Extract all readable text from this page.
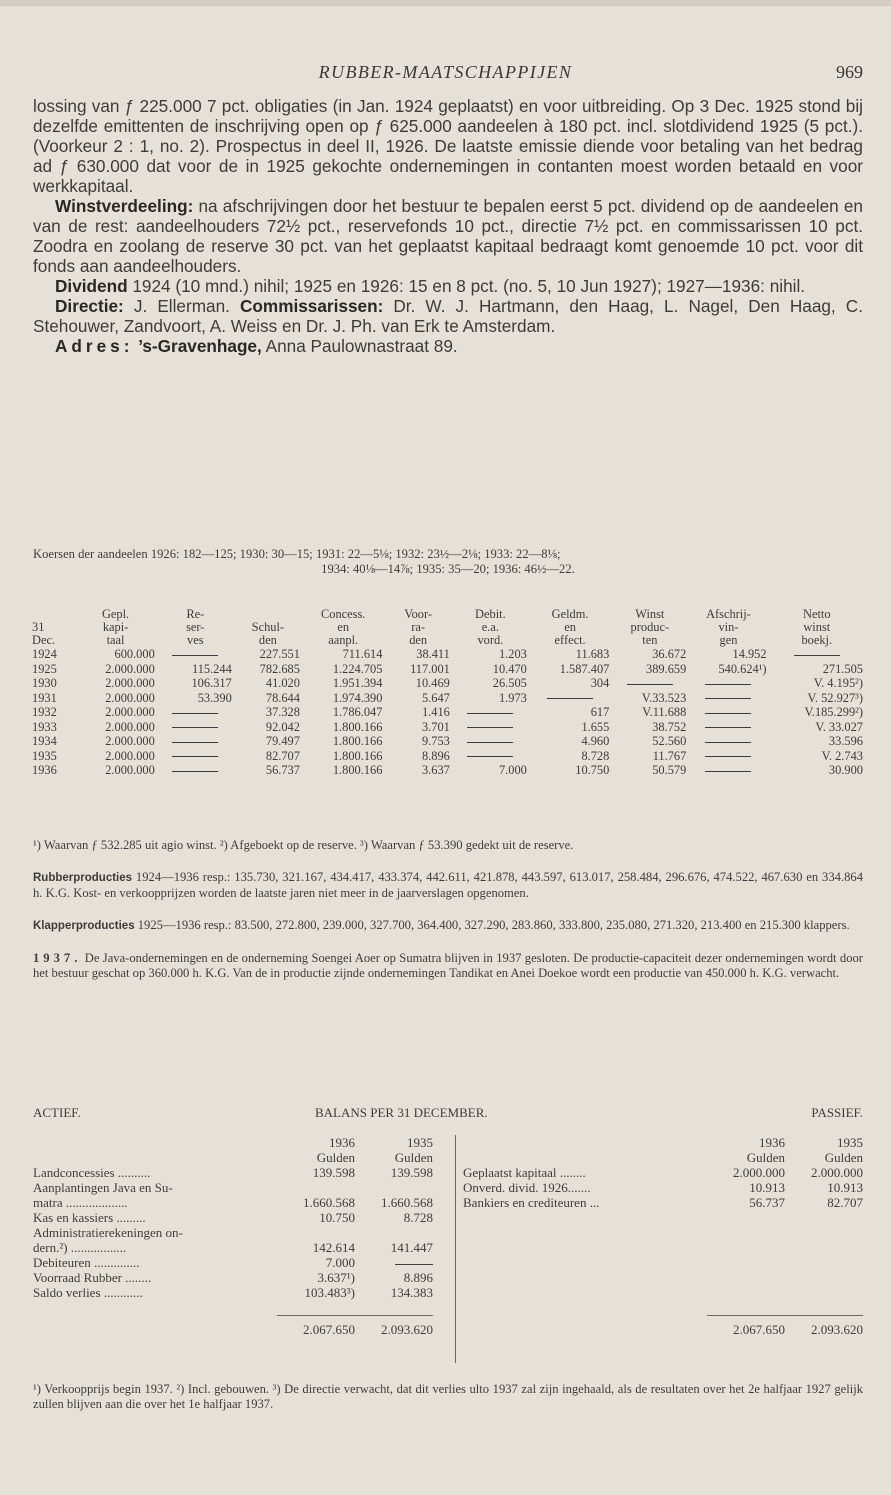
RUBBER-MAATSCHAPPIJEN	969

lossing van ƒ 225.000 7 pct. obligaties (in Jan. 1924 geplaatst) en voor uitbreiding. Op 3 Dec. 1925 stond bij dezelfde emittenten de inschrijving open op ƒ 625.000 aandeelen à 180 pct. incl. slotdividend 1925 (5 pct.). (Voorkeur 2 : 1, no. 2). Prospectus in deel II, 1926. De laatste emissie diende voor betaling van het bedrag ad ƒ 630.000 dat voor de in 1925 gekochte ondernemingen in contanten moest worden betaald en voor werkkapitaal.

Winstverdeeling: na afschrijvingen door het bestuur te bepalen eerst 5 pct. dividend op de aandeelen en van de rest: aandeelhouders 72½ pct., reservefonds 10 pct., directie 7½ pct. en commissarissen 10 pct. Zoodra en zoolang de reserve 30 pct. van het geplaatst kapitaal bedraagt komt genoemde 10 pct. voor dit fonds aan aandeelhouders.

Dividend 1924 (10 mnd.) nihil; 1925 en 1926: 15 en 8 pct. (no. 5, 10 Jun 1927); 1927—1936: nihil.

Directie: J. Ellerman. Commissarissen: Dr. W. J. Hartmann, den Haag, L. Nagel, Den Haag, C. Stehouwer, Zandvoort, A. Weiss en Dr. J. Ph. van Erk te Amsterdam.

Adres: ’s-Gravenhage, Anna Paulownastraat 89.

Koersen der aandeelen 1926: 182—125; 1930: 30—15; 1931: 22—5⅛; 1932: 23½—2⅛; 1933: 22—8⅛;

1934: 40⅛—14⅞; 1935: 35—20; 1936: 46½—22.

	Gepl.	Re-		Concess.	Voor-	Debit.	Geldm.	Winst	Afschrij-	Netto
31	kapi-	ser-	Schul-	en	ra-	e.a.	en	produc-	vin-	winst
Dec.	taal	ves	den	aanpl.	den	vord.	effect.	ten	gen	boekj.
1924	600.000		227.551	711.614	38.411	1.203	11.683	36.672	14.952	
1925	2.000.000	115.244	782.685	1.224.705	117.001	10.470	1.587.407	389.659	540.624¹)	271.505
1930	2.000.000	106.317	41.020	1.951.394	10.469	26.505	304			V. 4.195²)
1931	2.000.000	53.390	78.644	1.974.390	5.647	1.973		V.33.523		V. 52.927³)
1932	2.000.000		37.328	1.786.047	1.416		617	V.11.688		V.185.299²)
1933	2.000.000		92.042	1.800.166	3.701		1.655	38.752		V. 33.027
1934	2.000.000		79.497	1.800.166	9.753		4.960	52.560		33.596
1935	2.000.000		82.707	1.800.166	8.896		8.728	11.767		V. 2.743
1936	2.000.000		56.737	1.800.166	3.637	7.000	10.750	50.579		30.900

¹) Waarvan ƒ 532.285 uit agio winst. ²) Afgeboekt op de reserve. ³) Waarvan ƒ 53.390 gedekt uit de reserve.

Rubberproducties 1924—1936 resp.: 135.730, 321.167, 434.417, 433.374, 442.611, 421.878, 443.597, 613.017, 258.484, 296.676, 474.522, 467.630 en 334.864 h. K.G. Kost- en verkoopprijzen worden de laatste jaren niet meer in de jaarverslagen opgenomen.

Klapperproducties 1925—1936 resp.: 83.500, 272.800, 239.000, 327.700, 364.400, 327.290, 283.860, 333.800, 235.080, 271.320, 213.400 en 215.300 klappers.

1937. De Java-ondernemingen en de onderneming Soengei Aoer op Sumatra blijven in 1937 gesloten. De productie-capaciteit dezer ondernemingen wordt door het bestuur geschat op 360.000 h. K.G. Van de in productie zijnde ondernemingen Tandikat en Anei Doekoe wordt een productie van 450.000 h. K.G. verwacht.

ACTIEF.	BALANS PER 31 DECEMBER.	PASSIEF.
	1936	1935
	Gulden	Gulden
Landconcessies ..........	139.598	139.598
Aanplantingen Java en Su-		
matra ...................	1.660.568	1.660.568
Kas en kassiers .........	10.750	8.728
Administratierekeningen on-		
dern.²) .................	142.614	141.447
Debiteuren ..............	7.000	
Voorraad Rubber ........	3.637¹)	8.896
Saldo verlies ............	103.483³)	134.383

	2.067.650	2.093.620
	1936	1935
	Gulden	Gulden
Geplaatst kapitaal ........	2.000.000	2.000.000
Onverd. divid. 1926.......	10.913	10.913
Bankiers en crediteuren ...	56.737	82.707

	2.067.650	2.093.620

¹) Verkoopprijs begin 1937. ²) Incl. gebouwen. ³) De directie verwacht, dat dit verlies ulto 1937 zal zijn ingehaald, als de resultaten over het 2e halfjaar 1927 gelijk zullen blijven aan die over het 1e halfjaar 1937.
